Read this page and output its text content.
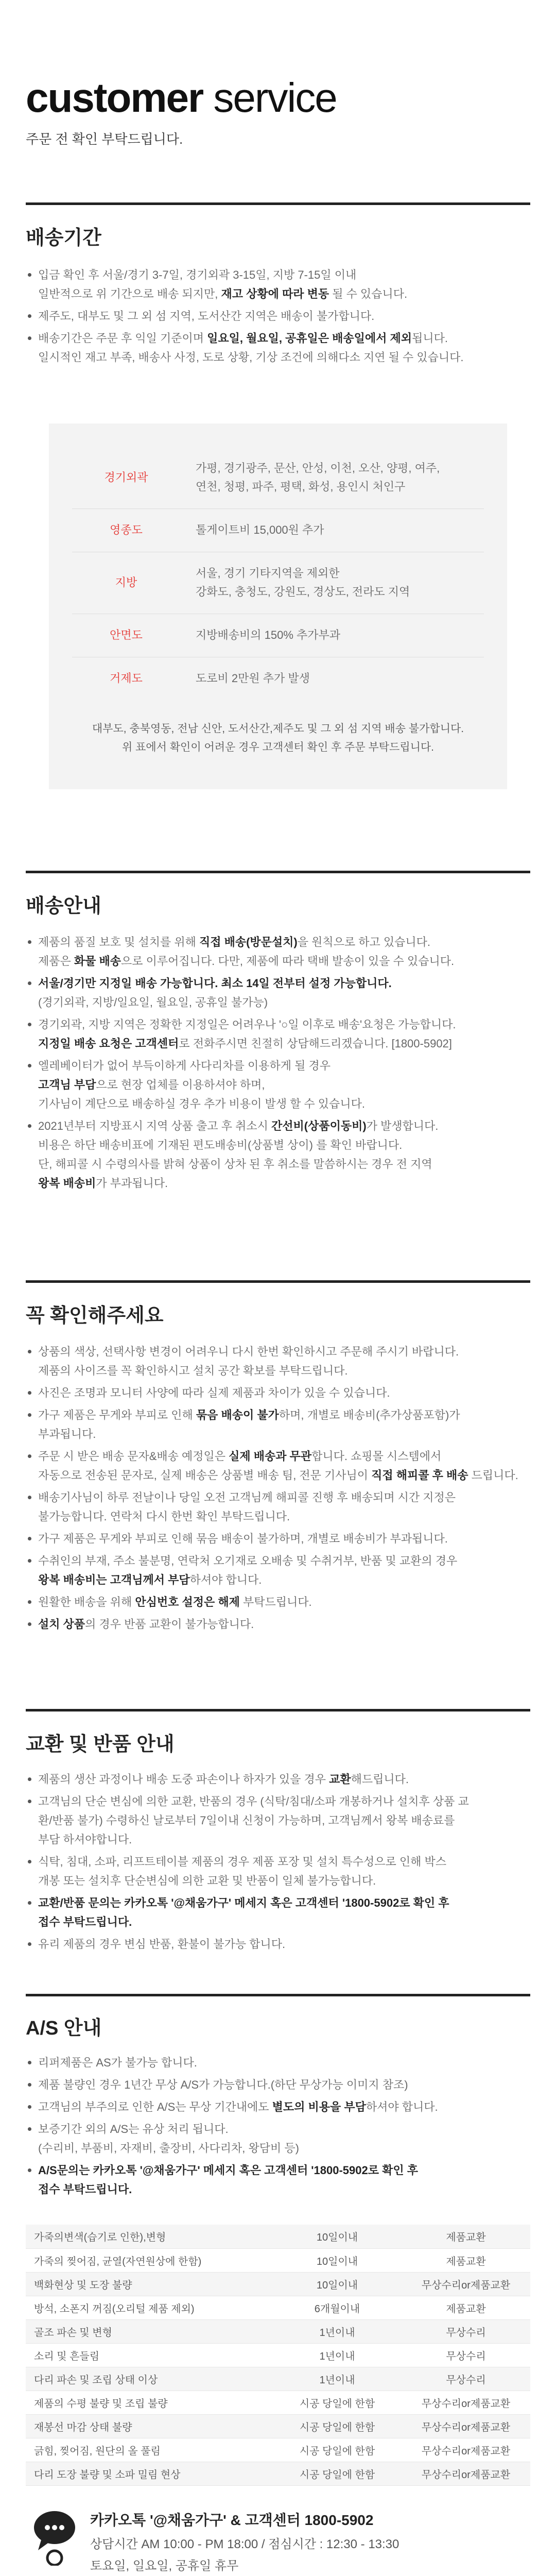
customer service
주문 전 확인 부탁드립니다.
배송기간
입금 확인 후 서울/경기 3-7일, 경기외곽 3-15일, 지방 7-15일 이내
일반적으로 위 기간으로 배송 되지만, 재고 상황에 따라 변동 될 수 있습니다.
제주도, 대부도 및 그 외 섬 지역, 도서산간 지역은 배송이 불가합니다.
배송기간은 주문 후 익일 기준이며 일요일, 월요일, 공휴일은 배송일에서 제외됩니다.
일시적인 재고 부족, 배송사 사정, 도로 상황, 기상 조건에 의해다소 지연 될 수 있습니다.
경기외곽	가평, 경기광주, 문산, 안성, 이천, 오산, 양평, 여주,
연천, 청평, 파주, 평택, 화성, 용인시 처인구
영종도	톨게이트비 15,000원 추가
지방	서울, 경기 기타지역을 제외한
강화도, 충청도, 강원도, 경상도, 전라도 지역
안면도	지방배송비의 150% 추가부과
거제도	도로비 2만원 추가 발생
대부도, 충북영동, 전남 신안, 도서산간,제주도 및 그 외 섬 지역 배송 불가합니다.
위 표에서 확인이 어려운 경우 고객센터 확인 후 주문 부탁드립니다.
배송안내
제품의 품질 보호 및 설치를 위해 직접 배송(방문설치)을 원칙으로 하고 있습니다.
제품은 화물 배송으로 이루어집니다. 다만, 제품에 따라 택배 발송이 있을 수 있습니다.
서울/경기만 지정일 배송 가능합니다. 최소 14일 전부터 설정 가능합니다.
(경기외곽, 지방/일요일, 월요일, 공휴일 불가능)
경기외곽, 지방 지역은 정확한 지정일은 어려우나 '○일 이후로 배송'요청은 가능합니다.
지정일 배송 요청은 고객센터로 전화주시면 친절히 상담해드리겠습니다. [1800-5902]
엘레베이터가 없어 부득이하게 사다리차를 이용하게 될 경우
고객님 부담으로 현장 업체를 이용하셔야 하며,
기사님이 계단으로 배송하실 경우 추가 비용이 발생 할 수 있습니다.
2021년부터 지방표시 지역 상품 출고 후 취소시 간선비(상품이동비)가 발생합니다.
비용은 하단 배송비표에 기재된 편도배송비(상품별 상이) 를 확인 바랍니다.
단, 해피콜 시 수령의사를 밝혀 상품이 상차 된 후 취소를 말씀하시는 경우 전 지역
왕복 배송비가 부과됩니다.
꼭 확인해주세요
상품의 색상, 선택사항 변경이 어려우니 다시 한번 확인하시고 주문해 주시기 바랍니다.
제품의 사이즈를 꼭 확인하시고 설치 공간 확보를 부탁드립니다.
사진은 조명과 모니터 사양에 따라 실제 제품과 차이가 있을 수 있습니다.
가구 제품은 무게와 부피로 인해 묶음 배송이 불가하며, 개별로 배송비(추가상품포함)가
부과됩니다.
주문 시 받은 배송 문자&배송 예정일은 실제 배송과 무관합니다. 쇼핑몰 시스템에서
자동으로 전송된 문자로, 실제 배송은 상품별 배송 팀, 전문 기사님이 직접 해피콜 후 배송 드립니다.
배송기사님이 하루 전날이나 당일 오전 고객님께 해피콜 진행 후 배송되며 시간 지정은
불가능합니다. 연락처 다시 한번 확인 부탁드립니다.
가구 제품은 무게와 부피로 인해 묶음 배송이 불가하며, 개별로 배송비가 부과됩니다.
수취인의 부재, 주소 불분명, 연락처 오기재로 오배송 및 수취거부, 반품 및 교환의 경우
왕복 배송비는 고객님께서 부담하셔야 합니다.
원활한 배송을 위해 안심번호 설정은 해제 부탁드립니다.
설치 상품의 경우 반품 교환이 불가능합니다.
교환 및 반품 안내
제품의 생산 과정이나 배송 도중 파손이나 하자가 있을 경우 교환해드립니다.
고객님의 단순 변심에 의한 교환, 반품의 경우 (식탁/침대/소파 개봉하거나 설치후 상품 교
환/반품 불가) 수령하신 날로부터 7일이내 신청이 가능하며, 고객님께서 왕복 배송료를
부담 하셔야합니다.
식탁, 침대, 소파, 리프트테이블 제품의 경우 제품 포장 및 설치 특수성으로 인해 박스
개봉 또는 설치후 단순변심에 의한 교환 및 반품이 일체 불가능합니다.
교환/반품 문의는 카카오톡 '@채움가구' 메세지 혹은 고객센터 '1800-5902로 확인 후
접수 부탁드립니다.
유리 제품의 경우 변심 반품, 환불이 불가능 합니다.
A/S 안내
리퍼제품은 AS가 불가능 합니다.
제품 불량인 경우 1년간 무상 A/S가 가능합니다.(하단 무상가능 이미지 참조)
고객님의 부주의로 인한 A/S는 무상 기간내에도 별도의 비용을 부담하셔야 합니다.
보증기간 외의 A/S는 유상 처리 됩니다.
(수리비, 부품비, 자재비, 출장비, 사다리차, 왕담비 등)
A/S문의는 카카오톡 '@채움가구' 메세지 혹은 고객센터 '1800-5902로 확인 후
접수 부탁드립니다.
가죽의변색(습기로 인한),변형	10일이내	제품교환
가죽의 찢어짐, 균열(자연원상에 한함)	10일이내	제품교환
백화현상 및 도장 불량	10일이내	무상수리or제품교환
방석, 소폰지 꺼짐(오리털 제품 제외)	6개월이내	제품교환
골조 파손 및 변형	1년이내	무상수리
소리 및 흔들림	1년이내	무상수리
다리 파손 및 조립 상태 이상	1년이내	무상수리
제품의 수평 불량 및 조립 불량	시공 당일에 한함	무상수리or제품교환
재봉선 마감 상태 불량	시공 당일에 한함	무상수리or제품교환
긁힘, 찢어짐, 원단의 올 풀림	시공 당일에 한함	무상수리or제품교환
다리 도장 불량 및 소파 밀림 현상	시공 당일에 한함	무상수리or제품교환
카카오톡 '@채움가구' & 고객센터 1800-5902
상담시간 AM 10:00 - PM 18:00 / 점심시간 : 12:30 - 13:30
토요일, 일요일, 공휴일 휴무
